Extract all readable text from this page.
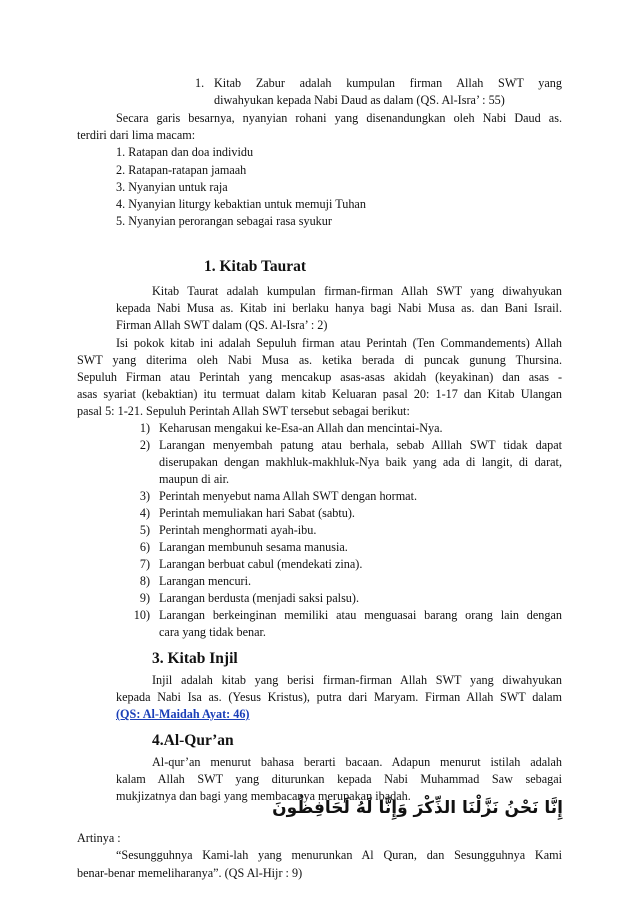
1. Kitab Zabur adalah kumpulan firman Allah SWT yang
diwahyukan kepada Nabi Daud as dalam (QS. Al-Isra’ : 55)
Secara garis besarnya, nyanyian rohani yang disenandungkan oleh Nabi Daud as.
terdiri dari lima macam:
1. Ratapan dan doa individu
2. Ratapan-ratapan jamaah
3. Nyanyian untuk raja
4. Nyanyian liturgy kebaktian untuk memuji Tuhan
5. Nyanyian perorangan sebagai rasa syukur
1. Kitab Taurat
Kitab Taurat adalah kumpulan firman-firman Allah SWT yang diwahyukan
kepada Nabi Musa as. Kitab ini berlaku hanya bagi Nabi Musa as. dan Bani Israil.
Firman Allah SWT dalam (QS. Al-Isra’ : 2)
Isi pokok kitab ini adalah Sepuluh firman atau Perintah (Ten Commandements) Allah
SWT yang diterima oleh Nabi Musa as. ketika berada di puncak gunung Thursina.
Sepuluh Firman atau Perintah yang mencakup asas-asas akidah (keyakinan) dan asas -
asas syariat (kebaktian) itu termuat dalam kitab Keluaran pasal 20: 1-17 dan Kitab Ulangan
pasal 5: 1-21. Sepuluh Perintah Allah SWT tersebut sebagai berikut:
1) Keharusan mengakui ke-Esa-an Allah dan mencintai-Nya.
2) Larangan menyembah patung atau berhala, sebab Alllah SWT tidak dapat
diserupakan dengan makhluk-makhluk-Nya baik yang ada di langit, di darat,
maupun di air.
3) Perintah menyebut nama Allah SWT dengan hormat.
4) Perintah memuliakan hari Sabat (sabtu).
5) Perintah menghormati ayah-ibu.
6) Larangan membunuh sesama manusia.
7) Larangan berbuat cabul (mendekati zina).
8) Larangan mencuri.
9) Larangan berdusta (menjadi saksi palsu).
10) Larangan berkeinginan memiliki atau menguasai barang orang lain dengan
cara yang tidak benar.
3. Kitab Injil
Injil adalah kitab yang berisi firman-firman Allah SWT yang diwahyukan
kepada Nabi Isa as. (Yesus Kristus), putra dari Maryam. Firman Allah SWT dalam
(QS: Al-Maidah Ayat: 46)
4.Al-Qur’an
Al-qur’an menurut bahasa berarti bacaan. Adapun menurut istilah adalah
kalam Allah SWT yang diturunkan kepada Nabi Muhammad Saw sebagai
mukjizatnya dan bagi yang membacanya merupakan ibadah.
إِنَّا نَحْنُ نَزَّلْنَا الذِّكْرَ وَإِنَّا لَهُ لَحَافِظُونَ
Artinya :
“Sesungguhnya Kami-lah yang menurunkan Al Quran, dan Sesungguhnya Kami
benar-benar memeliharanya”. (QS Al-Hijr : 9)
